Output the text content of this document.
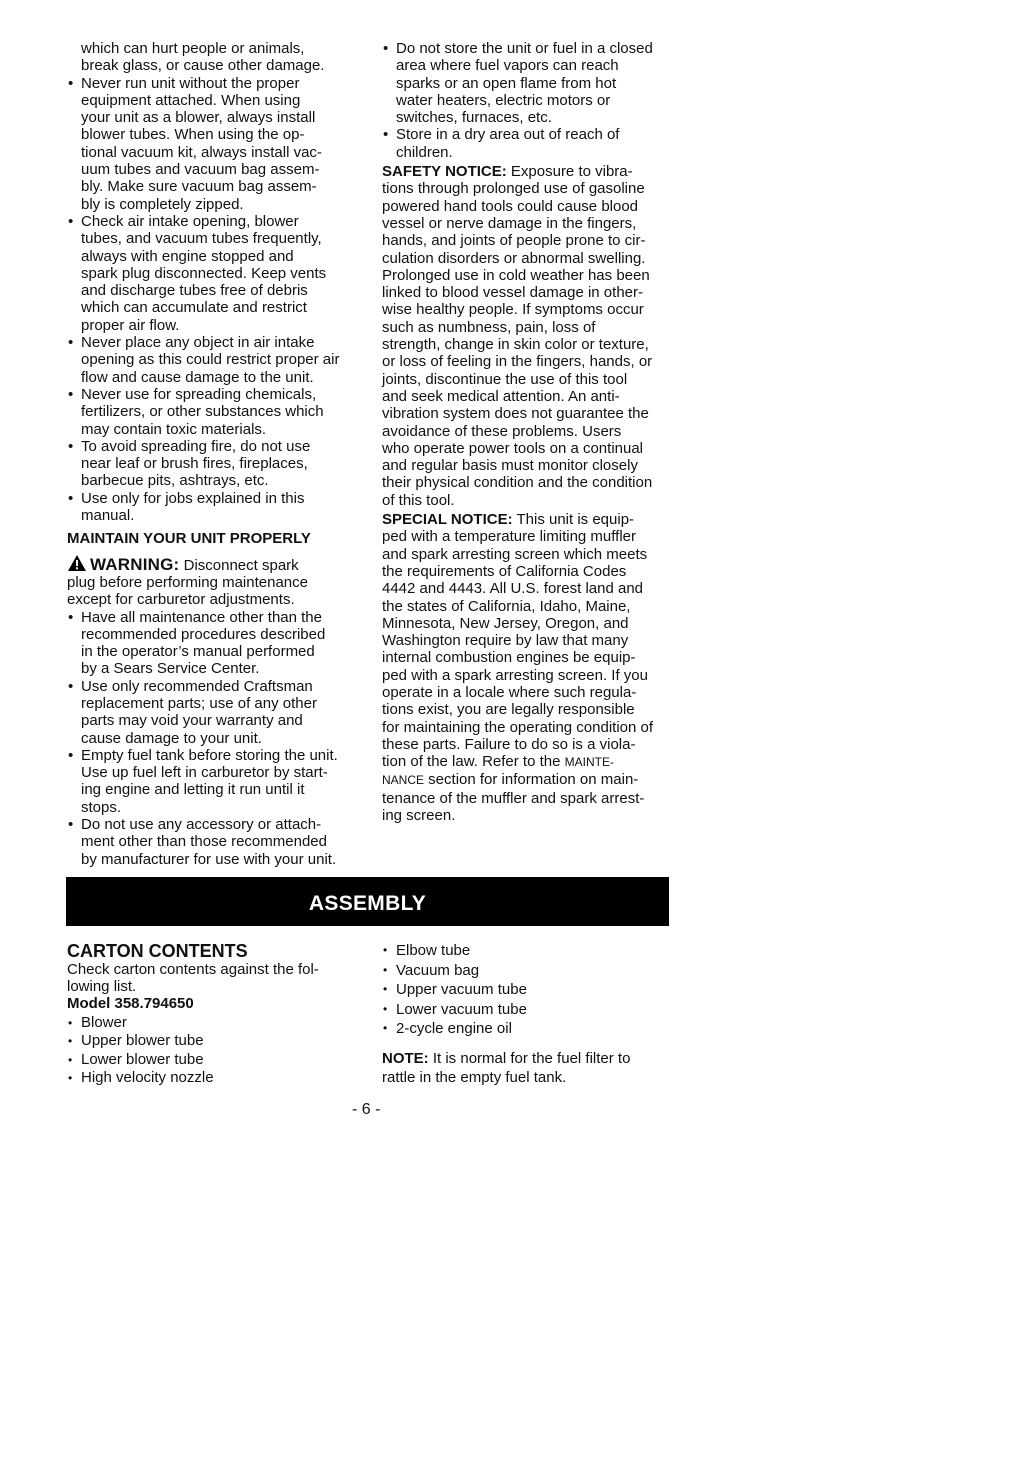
which can hurt people or animals,
break glass, or cause other damage.
• Never run unit without the proper
equipment attached. When using
your unit as a blower, always install
blower tubes. When using the op-
tional vacuum kit, always install vac-
uum tubes and vacuum bag assem-
bly. Make sure vacuum bag assem-
bly is completely zipped.
• Check air intake opening, blower
tubes, and vacuum tubes frequently,
always with engine stopped and
spark plug disconnected. Keep vents
and discharge tubes free of debris
which can accumulate and restrict
proper air flow.
• Never place any object in air intake
opening as this could restrict proper air
flow and cause damage to the unit.
• Never use for spreading chemicals,
fertilizers, or other substances which
may contain toxic materials.
• To avoid spreading fire, do not use
near leaf or brush fires, fireplaces,
barbecue pits, ashtrays, etc.
• Use only for jobs explained in this
manual.
MAINTAIN YOUR UNIT PROPERLY
WARNING: Disconnect spark
plug before performing maintenance
except for carburetor adjustments.
• Have all maintenance other than the
recommended procedures described
in the operator’s manual performed
by a Sears Service Center.
• Use only recommended Craftsman
replacement parts; use of any other
parts may void your warranty and
cause damage to your unit.
• Empty fuel tank before storing the unit.
Use up fuel left in carburetor by start-
ing engine and letting it run until it
stops.
• Do not use any accessory or attach-
ment other than those recommended
by manufacturer for use with your unit.
• Do not store the unit or fuel in a closed
area where fuel vapors can reach
sparks or an open flame from hot
water heaters, electric motors or
switches, furnaces, etc.
• Store in a dry area out of reach of
children.
SAFETY NOTICE: Exposure to vibra-
tions through prolonged use of gasoline
powered hand tools could cause blood
vessel or nerve damage in the fingers,
hands, and joints of people prone to cir-
culation disorders or abnormal swelling.
Prolonged use in cold weather has been
linked to blood vessel damage in other-
wise healthy people. If symptoms occur
such as numbness, pain, loss of
strength, change in skin color or texture,
or loss of feeling in the fingers, hands, or
joints, discontinue the use of this tool
and seek medical attention. An anti-
vibration system does not guarantee the
avoidance of these problems. Users
who operate power tools on a continual
and regular basis must monitor closely
their physical condition and the condition
of this tool.
SPECIAL NOTICE: This unit is equip-
ped with a temperature limiting muffler
and spark arresting screen which meets
the requirements of California Codes
4442 and 4443. All U.S. forest land and
the states of California, Idaho, Maine,
Minnesota, New Jersey, Oregon, and
Washington require by law that many
internal combustion engines be equip-
ped with a spark arresting screen. If you
operate in a locale where such regula-
tions exist, you are legally responsible
for maintaining the operating condition of
these parts. Failure to do so is a viola-
tion of the law. Refer to the MAINTE-
NANCE section for information on main-
tenance of the muffler and spark arrest-
ing screen.
ASSEMBLY
CARTON CONTENTS
Check carton contents against the fol-
lowing list.
Model 358.794650
• Blower
• Upper blower tube
• Lower blower tube
• High velocity nozzle
• Elbow tube
• Vacuum bag
• Upper vacuum tube
• Lower vacuum tube
• 2-cycle engine oil
NOTE: It is normal for the fuel filter to
rattle in the empty fuel tank.
- 6 -
